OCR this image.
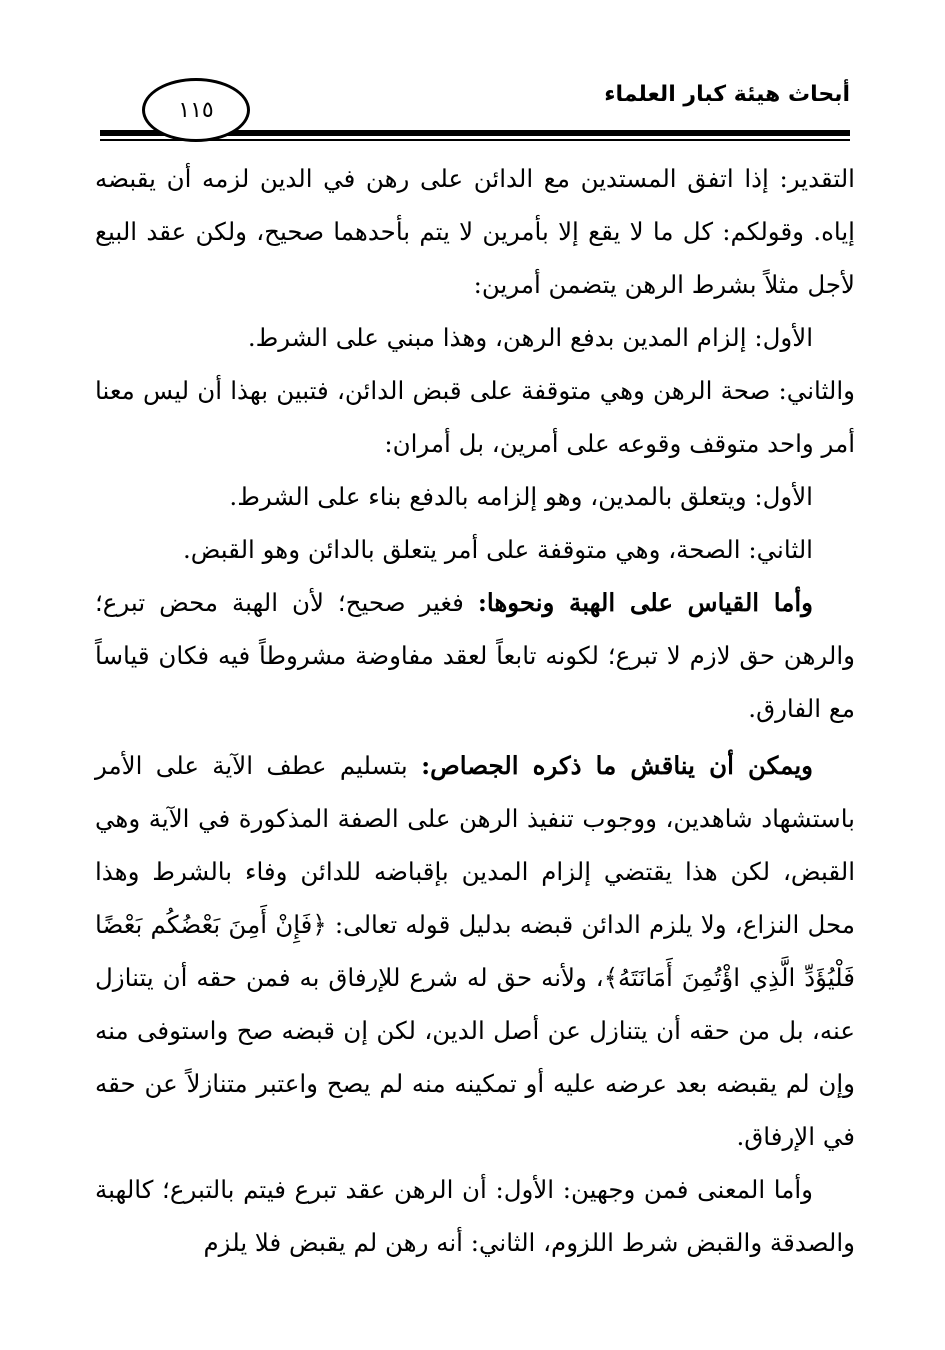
١١٥
أبحاث هيئة كبار العلماء

التقدير: إذا اتفق المستدين مع الدائن على رهن في الدين لزمه أن يقبضه إياه. وقولكم: كل ما لا يقع إلا بأمرين لا يتم بأحدهما صحيح، ولكن عقد البيع لأجل مثلاً بشرط الرهن يتضمن أمرين:

الأول: إلزام المدين بدفع الرهن، وهذا مبني على الشرط.

والثاني: صحة الرهن وهي متوقفة على قبض الدائن، فتبين بهذا أن ليس معنا أمر واحد متوقف وقوعه على أمرين، بل أمران:

الأول: ويتعلق بالمدين، وهو إلزامه بالدفع بناء على الشرط.

الثاني: الصحة، وهي متوقفة على أمر يتعلق بالدائن وهو القبض.

وأما القياس على الهبة ونحوها: فغير صحيح؛ لأن الهبة محض تبرع؛ والرهن حق لازم لا تبرع؛ لكونه تابعاً لعقد مفاوضة مشروطاً فيه فكان قياساً مع الفارق.

ويمكن أن يناقش ما ذكره الجصاص: بتسليم عطف الآية على الأمر باستشهاد شاهدين، ووجوب تنفيذ الرهن على الصفة المذكورة في الآية وهي القبض، لكن هذا يقتضي إلزام المدين بإقباضه للدائن وفاء بالشرط وهذا محل النزاع، ولا يلزم الدائن قبضه بدليل قوله تعالى: ﴿فَإِنْ أَمِنَ بَعْضُكُم بَعْضًا فَلْيُؤَدِّ الَّذِي اؤْتُمِنَ أَمَانَتَهُ﴾، ولأنه حق له شرع للإرفاق به فمن حقه أن يتنازل عنه، بل من حقه أن يتنازل عن أصل الدين، لكن إن قبضه صح واستوفى منه وإن لم يقبضه بعد عرضه عليه أو تمكينه منه لم يصح واعتبر متنازلاً عن حقه في الإرفاق.

وأما المعنى فمن وجهين: الأول: أن الرهن عقد تبرع فيتم بالتبرع؛ كالهبة والصدقة والقبض شرط اللزوم، الثاني: أنه رهن لم يقبض فلا يلزم
